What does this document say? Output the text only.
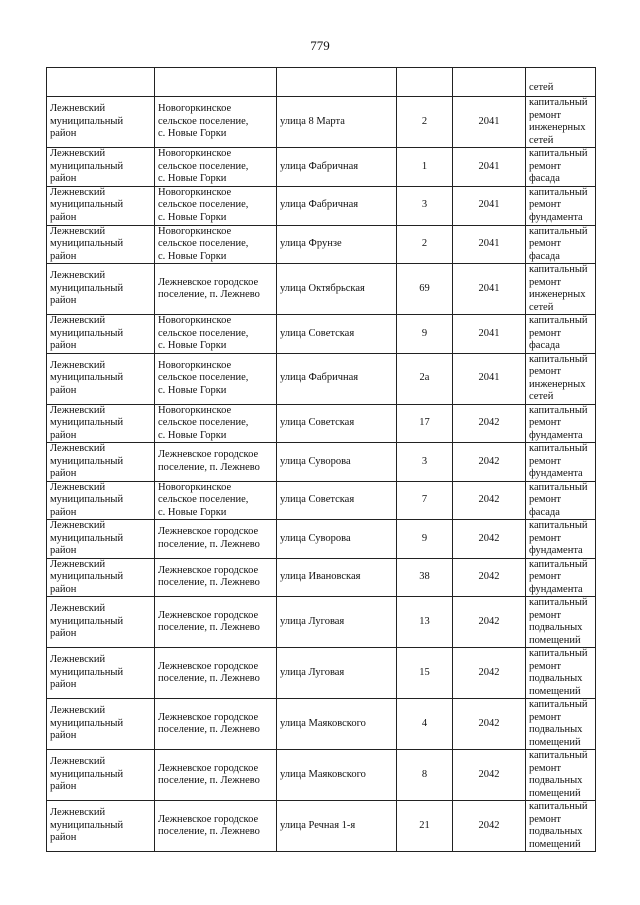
779

					сетей

Лежневский
муниципальный
район	Новогоркинское
сельское поселение,
с. Новые Горки	улица 8 Марта	2	2041	капитальный
ремонт
инженерных
сетей

Лежневский
муниципальный
район	Новогоркинское
сельское поселение,
с. Новые Горки	улица Фабричная	1	2041	капитальный
ремонт фасада

Лежневский
муниципальный
район	Новогоркинское
сельское поселение,
с. Новые Горки	улица Фабричная	3	2041	капитальный
ремонт
фундамента

Лежневский
муниципальный
район	Новогоркинское
сельское поселение,
с. Новые Горки	улица Фрунзе	2	2041	капитальный
ремонт фасада

Лежневский
муниципальный
район	Лежневское городское
поселение, п. Лежнево	улица Октябрьская	69	2041	капитальный
ремонт
инженерных
сетей

Лежневский
муниципальный
район	Новогоркинское
сельское поселение,
с. Новые Горки	улица Советская	9	2041	капитальный
ремонт фасада

Лежневский
муниципальный
район	Новогоркинское
сельское поселение,
с. Новые Горки	улица Фабричная	2а	2041	капитальный
ремонт
инженерных
сетей

Лежневский
муниципальный
район	Новогоркинское
сельское поселение,
с. Новые Горки	улица Советская	17	2042	капитальный
ремонт
фундамента

Лежневский
муниципальный
район	Лежневское городское
поселение, п. Лежнево	улица Суворова	3	2042	капитальный
ремонт
фундамента

Лежневский
муниципальный
район	Новогоркинское
сельское поселение,
с. Новые Горки	улица Советская	7	2042	капитальный
ремонт фасада

Лежневский
муниципальный
район	Лежневское городское
поселение, п. Лежнево	улица Суворова	9	2042	капитальный
ремонт
фундамента

Лежневский
муниципальный
район	Лежневское городское
поселение, п. Лежнево	улица Ивановская	38	2042	капитальный
ремонт
фундамента

Лежневский
муниципальный
район	Лежневское городское
поселение, п. Лежнево	улица Луговая	13	2042	капитальный
ремонт
подвальных
помещений

Лежневский
муниципальный
район	Лежневское городское
поселение, п. Лежнево	улица Луговая	15	2042	капитальный
ремонт
подвальных
помещений

Лежневский
муниципальный
район	Лежневское городское
поселение, п. Лежнево	улица Маяковского	4	2042	капитальный
ремонт
подвальных
помещений

Лежневский
муниципальный
район	Лежневское городское
поселение, п. Лежнево	улица Маяковского	8	2042	капитальный
ремонт
подвальных
помещений

Лежневский
муниципальный
район	Лежневское городское
поселение, п. Лежнево	улица Речная 1-я	21	2042	капитальный
ремонт
подвальных
помещений
